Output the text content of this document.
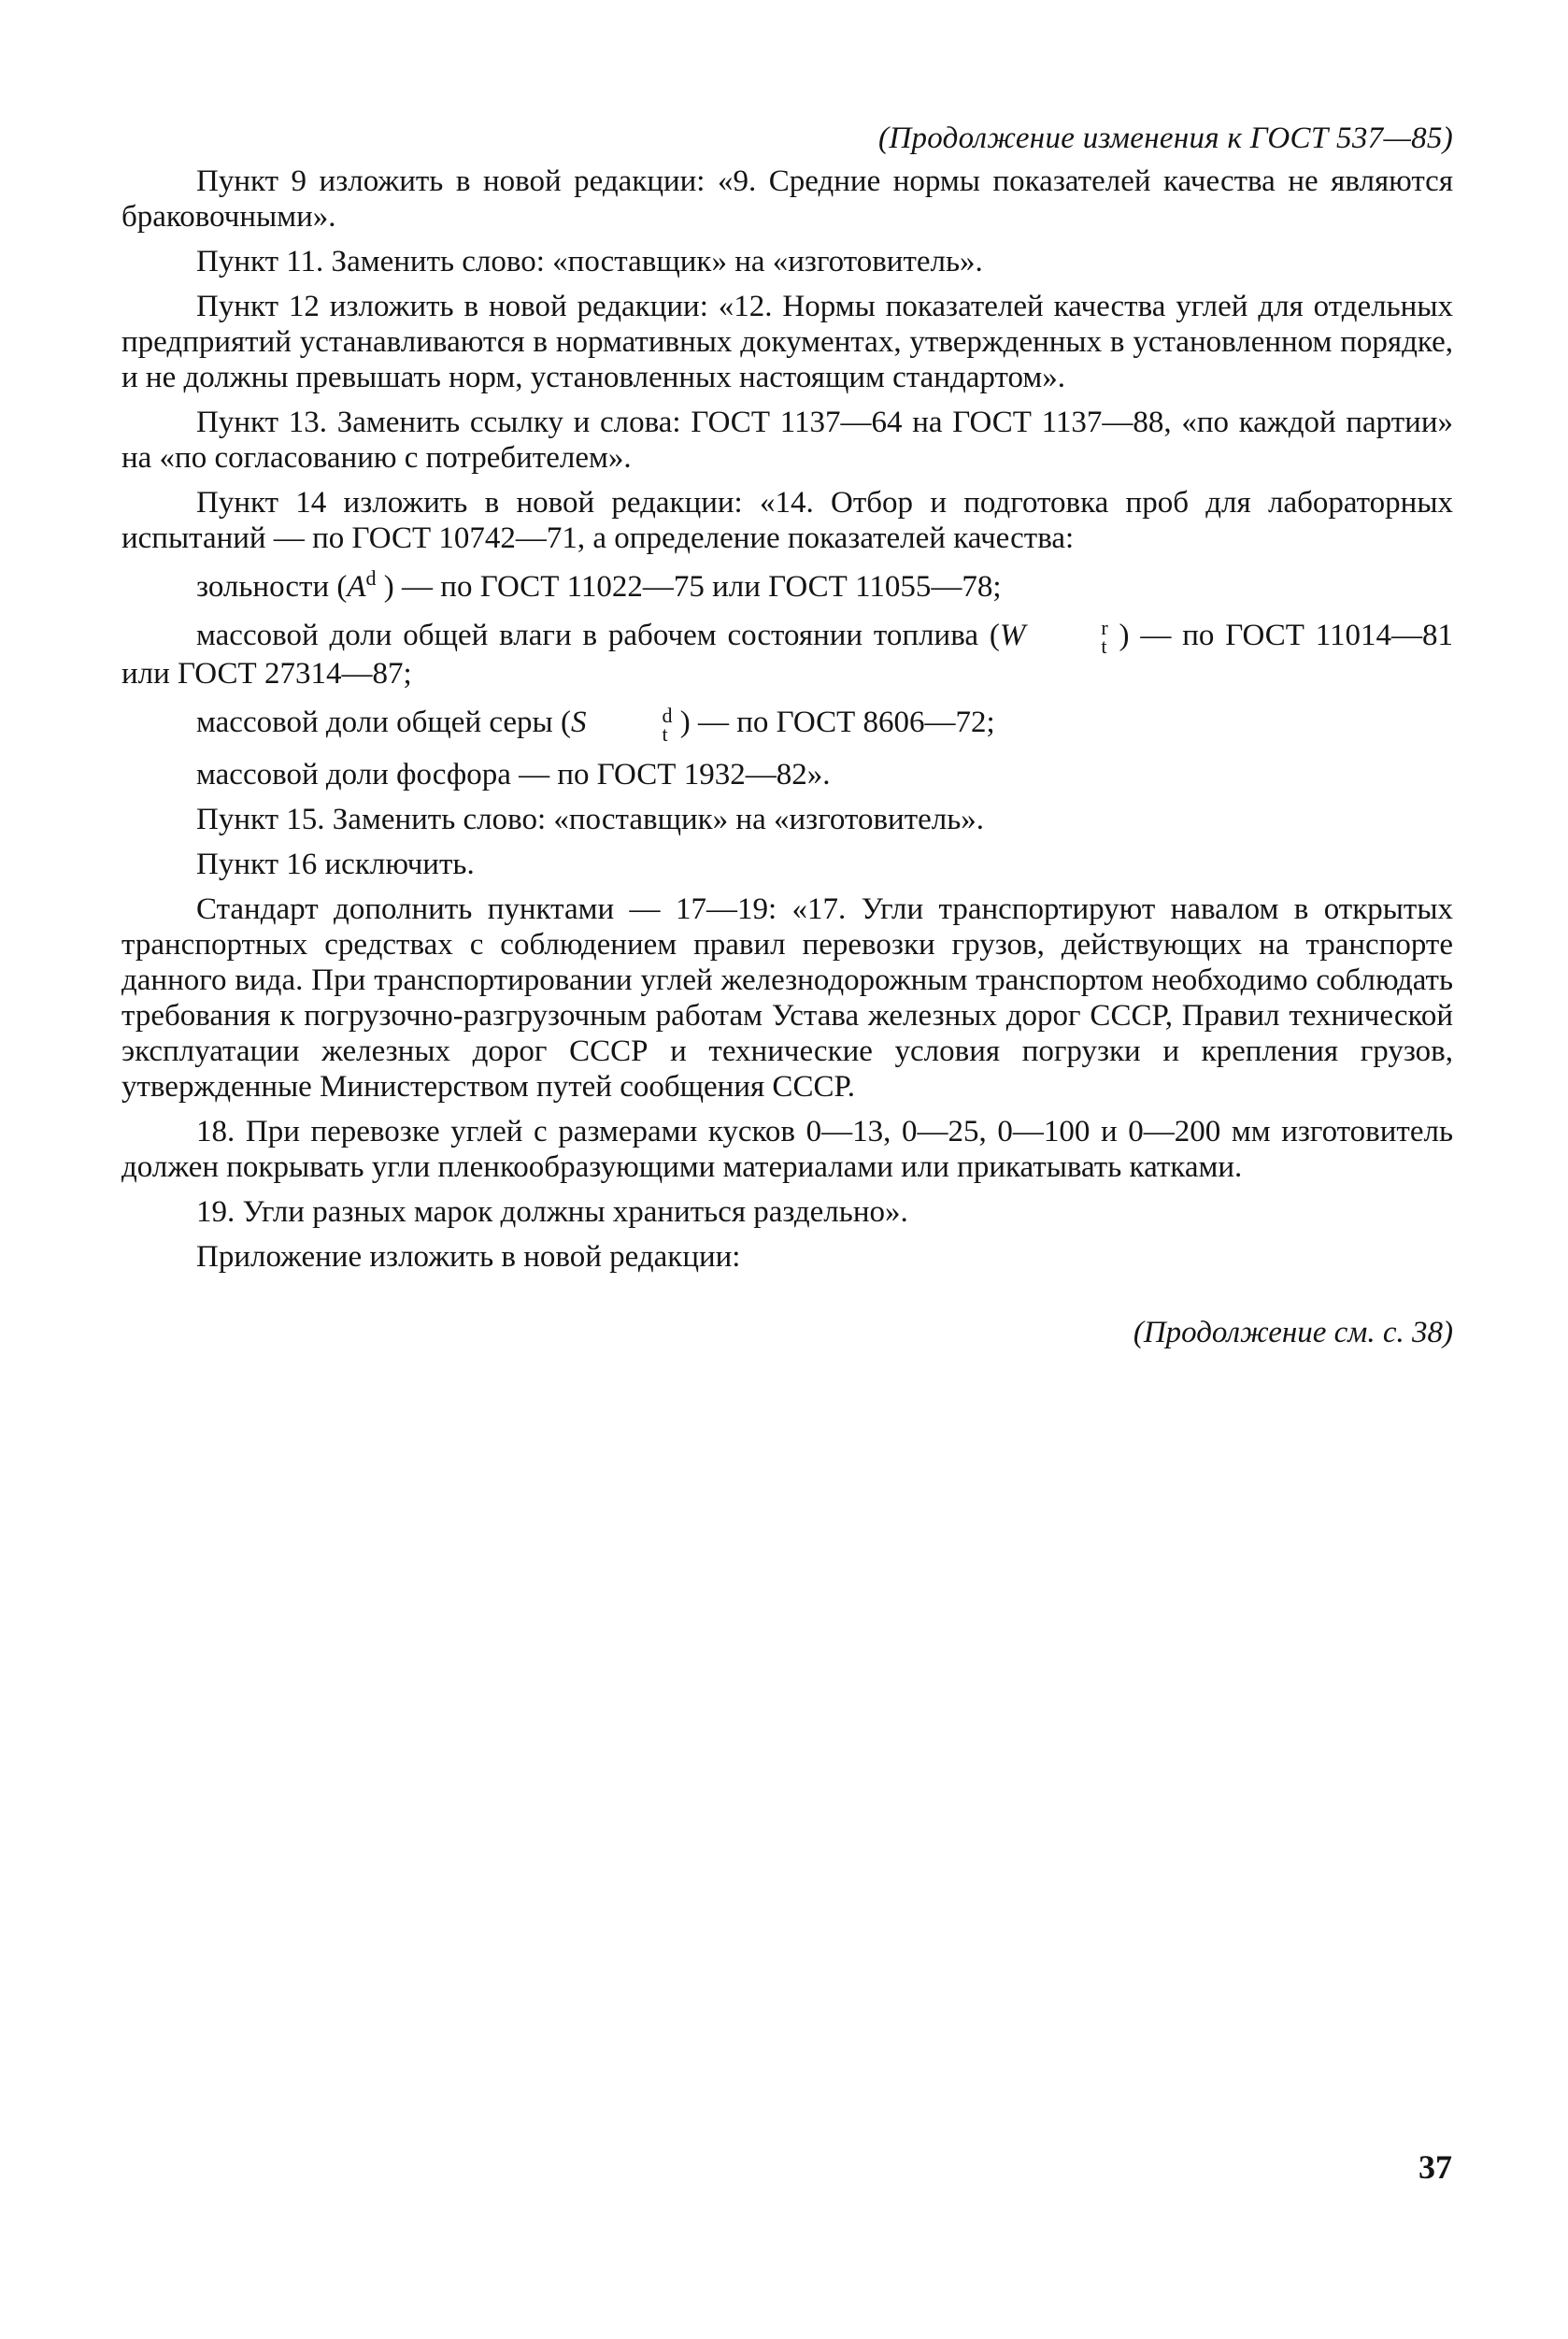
(Продолжение изменения к ГОСТ 537—85)

Пункт 9 изложить в новой редакции: «9. Средние нормы показателей качества не являются браковочными».

Пункт 11. Заменить слово: «поставщик» на «изготовитель».

Пункт 12 изложить в новой редакции: «12. Нормы показателей качества углей для отдельных предприятий устанавливаются в нормативных документах, утвержденных в установленном порядке, и не должны превышать норм, установленных настоящим стандартом».

Пункт 13. Заменить ссылку и слова: ГОСТ 1137—64 на ГОСТ 1137—88, «по каждой партии» на «по согласованию с потребителем».

Пункт 14 изложить в новой редакции: «14. Отбор и подготовка проб для лабораторных испытаний — по ГОСТ 10742—71, а определение показателей качества:

зольности ($A^d$ ) — по ГОСТ 11022—75 или ГОСТ 11055—78;

массовой доли общей влаги в рабочем состоянии топлива (W	r
t ) — по ГОСТ 11014—81 или ГОСТ 27314—87;

массовой доли общей серы (S	d
t ) — по ГОСТ 8606—72;

массовой доли фосфора — по ГОСТ 1932—82».

Пункт 15. Заменить слово: «поставщик» на «изготовитель».

Пункт 16 исключить.

Стандарт дополнить пунктами — 17—19: «17. Угли транспортируют навалом в открытых транспортных средствах с соблюдением правил перевозки грузов, действующих на транспорте данного вида. При транспортировании углей железнодорожным транспортом необходимо соблюдать требования к погрузочно-разгрузочным работам Устава железных дорог СССР, Правил технической эксплуатации железных дорог СССР и технические условия погрузки и крепления грузов, утвержденные Министерством путей сообщения СССР.

18. При перевозке углей с размерами кусков 0—13, 0—25, 0—100 и 0—200 мм изготовитель должен покрывать угли пленкообразующими материалами или прикатывать катками.

19. Угли разных марок должны храниться раздельно».

Приложение изложить в новой редакции:

(Продолжение см. с. 38)
37
